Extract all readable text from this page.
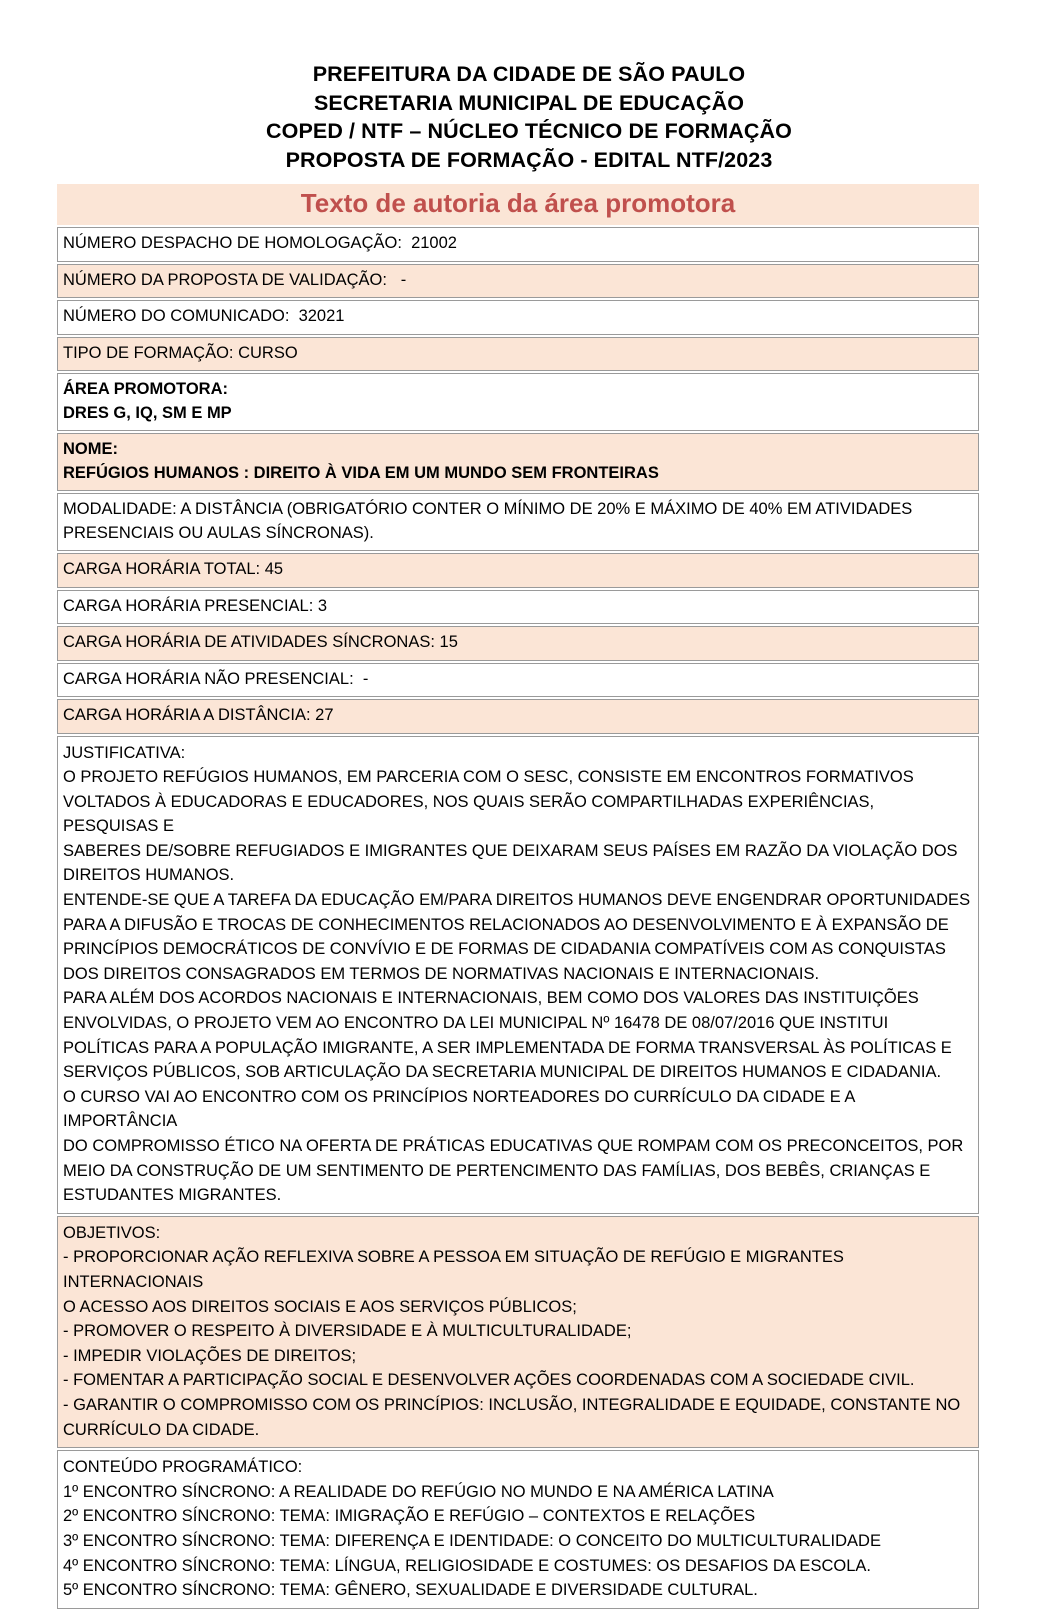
PREFEITURA DA CIDADE DE SÃO PAULO
SECRETARIA MUNICIPAL DE EDUCAÇÃO
COPED / NTF – NÚCLEO TÉCNICO DE FORMAÇÃO
PROPOSTA DE FORMAÇÃO - EDITAL NTF/2023
Texto de autoria da área promotora

NÚMERO DESPACHO DE HOMOLOGAÇÃO:  21002

NÚMERO DA PROPOSTA DE VALIDAÇÃO:   -

NÚMERO DO COMUNICADO:  32021

TIPO DE FORMAÇÃO: CURSO

ÁREA PROMOTORA:

DRES G, IQ, SM E MP

NOME:

REFÚGIOS HUMANOS : DIREITO À VIDA EM UM MUNDO SEM FRONTEIRAS

MODALIDADE: A DISTÂNCIA (OBRIGATÓRIO CONTER O MÍNIMO DE 20% E MÁXIMO DE 40% EM ATIVIDADES

PRESENCIAIS OU AULAS SÍNCRONAS).

CARGA HORÁRIA TOTAL: 45

CARGA HORÁRIA PRESENCIAL: 3

CARGA HORÁRIA DE ATIVIDADES SÍNCRONAS: 15

CARGA HORÁRIA NÃO PRESENCIAL:  -

CARGA HORÁRIA A DISTÂNCIA: 27

JUSTIFICATIVA:

O PROJETO REFÚGIOS HUMANOS, EM PARCERIA COM O SESC, CONSISTE EM ENCONTROS FORMATIVOS

VOLTADOS À EDUCADORAS E EDUCADORES, NOS QUAIS SERÃO COMPARTILHADAS EXPERIÊNCIAS, PESQUISAS E

SABERES DE/SOBRE REFUGIADOS E IMIGRANTES QUE DEIXARAM SEUS PAÍSES EM RAZÃO DA VIOLAÇÃO DOS

DIREITOS HUMANOS.

ENTENDE-SE QUE A TAREFA DA EDUCAÇÃO EM/PARA DIREITOS HUMANOS DEVE ENGENDRAR OPORTUNIDADES

PARA A DIFUSÃO E TROCAS DE CONHECIMENTOS RELACIONADOS AO DESENVOLVIMENTO E À EXPANSÃO DE

PRINCÍPIOS DEMOCRÁTICOS DE CONVÍVIO E DE FORMAS DE CIDADANIA COMPATÍVEIS COM AS CONQUISTAS

DOS DIREITOS CONSAGRADOS EM TERMOS DE NORMATIVAS NACIONAIS E INTERNACIONAIS.

PARA ALÉM DOS ACORDOS NACIONAIS E INTERNACIONAIS, BEM COMO DOS VALORES DAS INSTITUIÇÕES

ENVOLVIDAS, O PROJETO VEM AO ENCONTRO DA LEI MUNICIPAL Nº 16478 DE 08/07/2016 QUE INSTITUI

POLÍTICAS PARA A POPULAÇÃO IMIGRANTE, A SER IMPLEMENTADA DE FORMA TRANSVERSAL ÀS POLÍTICAS E

SERVIÇOS PÚBLICOS, SOB ARTICULAÇÃO DA SECRETARIA MUNICIPAL DE DIREITOS HUMANOS E CIDADANIA.

O CURSO VAI AO ENCONTRO COM OS PRINCÍPIOS NORTEADORES DO CURRÍCULO DA CIDADE E A IMPORTÂNCIA

DO COMPROMISSO ÉTICO NA OFERTA DE PRÁTICAS EDUCATIVAS QUE ROMPAM COM OS PRECONCEITOS, POR

MEIO DA CONSTRUÇÃO DE UM SENTIMENTO DE PERTENCIMENTO DAS FAMÍLIAS, DOS BEBÊS, CRIANÇAS E

ESTUDANTES MIGRANTES.

OBJETIVOS:

- PROPORCIONAR AÇÃO REFLEXIVA SOBRE A PESSOA EM SITUAÇÃO DE REFÚGIO E MIGRANTES INTERNACIONAIS

O ACESSO AOS DIREITOS SOCIAIS E AOS SERVIÇOS PÚBLICOS;

- PROMOVER O RESPEITO À DIVERSIDADE E À MULTICULTURALIDADE;

- IMPEDIR VIOLAÇÕES DE DIREITOS;

- FOMENTAR A PARTICIPAÇÃO SOCIAL E DESENVOLVER AÇÕES COORDENADAS COM A SOCIEDADE CIVIL.

- GARANTIR O COMPROMISSO COM OS PRINCÍPIOS: INCLUSÃO, INTEGRALIDADE E EQUIDADE, CONSTANTE NO

CURRÍCULO DA CIDADE.

CONTEÚDO PROGRAMÁTICO:

1º ENCONTRO SÍNCRONO: A REALIDADE DO REFÚGIO NO MUNDO E NA AMÉRICA LATINA

2º ENCONTRO SÍNCRONO: TEMA: IMIGRAÇÃO E REFÚGIO – CONTEXTOS E RELAÇÕES

3º ENCONTRO SÍNCRONO: TEMA: DIFERENÇA E IDENTIDADE: O CONCEITO DO MULTICULTURALIDADE

4º ENCONTRO SÍNCRONO: TEMA: LÍNGUA, RELIGIOSIDADE E COSTUMES: OS DESAFIOS DA ESCOLA.

5º ENCONTRO SÍNCRONO: TEMA: GÊNERO, SEXUALIDADE E DIVERSIDADE CULTURAL.
